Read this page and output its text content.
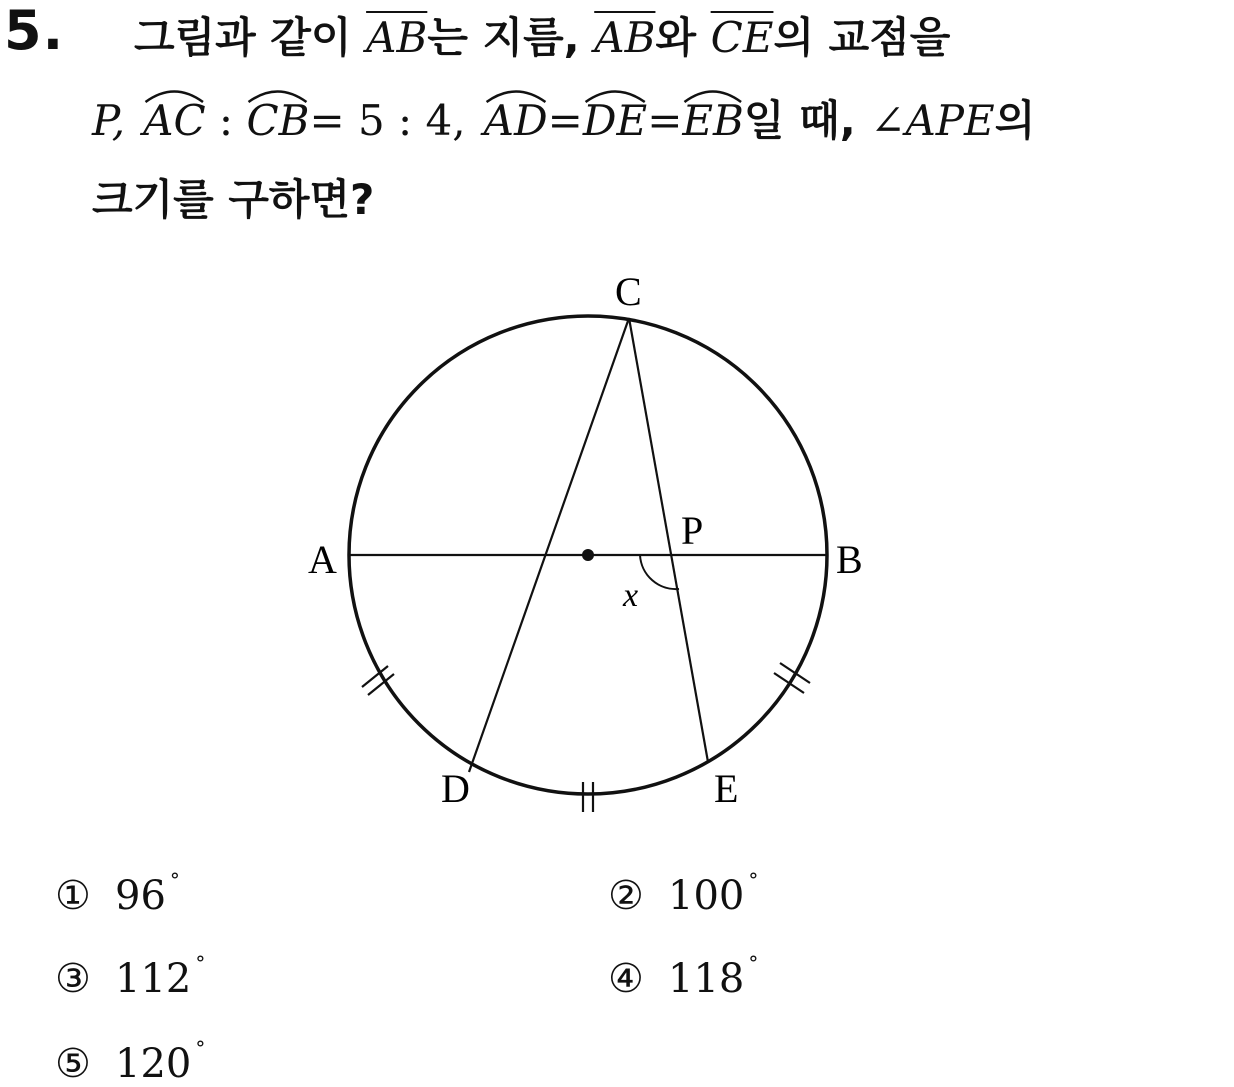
5. 그림과 같이 $\overline{AB}$는 지름, $\overline{AB}$와 $\overline{CE}$의 교점을
P, AC :
CB= 5 : 4, AD=
DE=
EB일 때, ∠APE의
크기를 구하면?
C
A	B
P
D	E
x
① 96 °	② 100 °
③ 112 °	④ 118 °
⑤ 120 °
